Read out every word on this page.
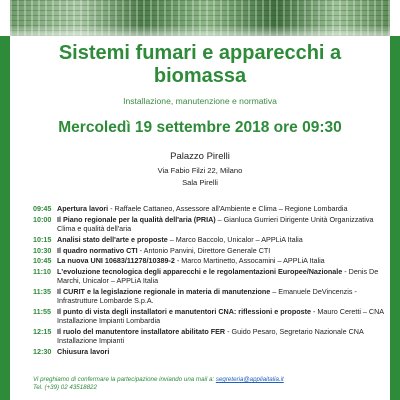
Sistemi fumari e apparecchi a biomassa
Installazione, manutenzione e normativa
Mercoledì 19 settembre 2018 ore 09:30
Palazzo Pirelli
Via Fabio Filzi 22, Milano
Sala Pirelli
09:45 Apertura lavori - Raffaele Cattaneo, Assessore all'Ambiente e Clima – Regione Lombardia
10:00 Il Piano regionale per la qualità dell'aria (PRIA) – Gianluca Gurrieri Dirigente Unità Organizzativa Clima e qualità dell'aria
10:15 Analisi stato dell'arte e proposte – Marco Baccolo, Unicalor – APPLiA Italia
10:30 Il quadro normativo CTI - Antonio Panvini, Direttore Generale CTI
10:45 La nuova UNI 10683/11278/10389-2 - Marco Martinetto, Assocamini – APPLiA Italia
11:10 L'evoluzione tecnologica degli apparecchi e le regolamentazioni Europee/Nazionale - Denis De Marchi, Unicalor – APPLiA Italia
11:35 Il CURIT e la legislazione regionale in materia di manutenzione – Emanuele DeVincenzis - Infrastrutture Lombarde S.p.A.
11:55 Il punto di vista degli installatori e manutentori CNA: riflessioni e proposte - Mauro Ceretti – CNA Installazione Impianti Lombardia
12:15 Il ruolo del manutentore installatore abilitato FER - Guido Pesaro, Segretario Nazionale CNA Installazione Impianti
12:30 Chiusura lavori
Vi preghiamo di confermare la partecipazione inviando una mail a: segreteria@appliaitalia.it
Tel. (+39) 02 43518822
